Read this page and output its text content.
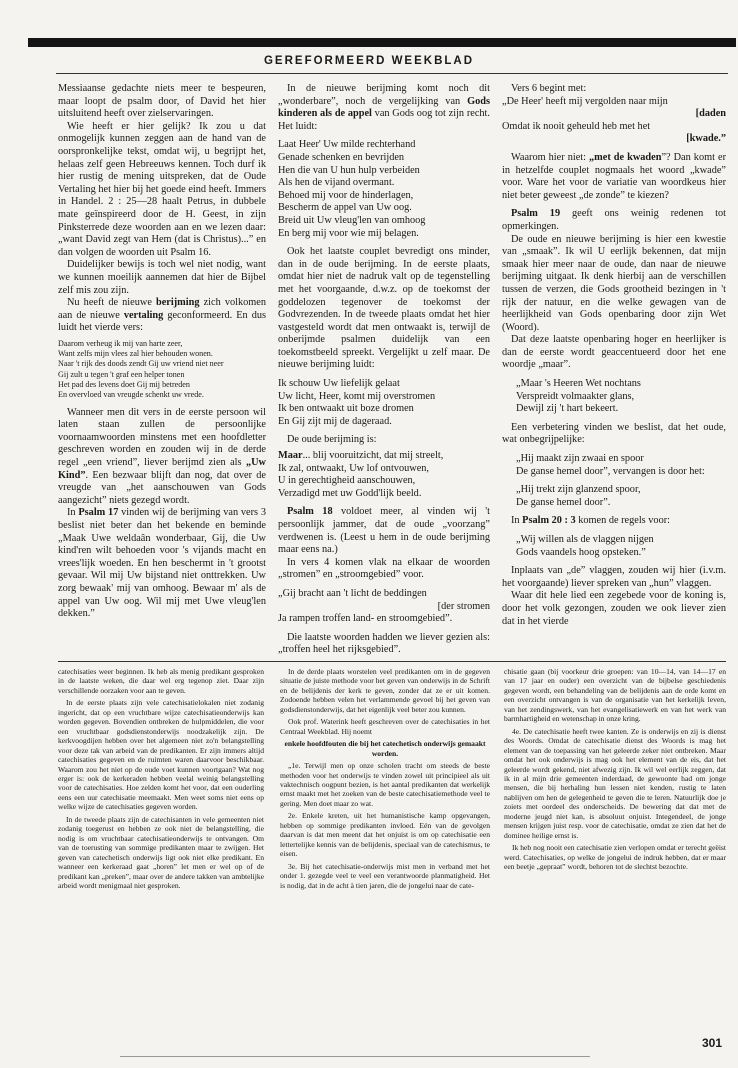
GEREFORMEERD WEEKBLAD

Messiaanse gedachte niets meer te bespeuren, maar loopt de psalm door, of David het hier uitsluitend heeft over zielservaringen.

Wie heeft er hier gelijk? Ik zou u dat onmogelijk kunnen zeggen aan de hand van de oorspronkelijke tekst, omdat wij, u begrijpt het, helaas zelf geen Hebreeuws kennen. Toch durf ik hier rustig de mening uitspreken, dat de Oude Vertaling het hier bij het goede eind heeft. Immers in Handel. 2 : 25—28 haalt Petrus, in dubbele mate geïnspireerd door de H. Geest, in zijn Pinksterrede deze woorden aan en we lezen daar: „want David zegt van Hem (dat is Christus)...” en dan volgen de woorden uit Psalm 16.

Duidelijker bewijs is toch wel niet nodig, want we kunnen moeilijk aannemen dat hier de Bijbel zelf mis zou zijn.

Nu heeft de nieuwe berijming zich volkomen aan de nieuwe vertaling geconformeerd. En dus luidt het vierde vers:

Daarom verheug ik mij van harte zeer,
Want zelfs mijn vlees zal hier behouden wonen.
Naar 't rijk des doods zendt Gij uw vriend niet neer
Gij zult u tegen 't graf een helper tonen
Het pad des levens doet Gij mij betreden
En overvloed van vreugde schenkt uw vrede.

Wanneer men dit vers in de eerste persoon wil laten staan zullen de persoonlijke voornaamwoorden minstens met een hoofdletter geschreven worden en zouden wij in de derde regel „een vriend”, liever berijmd zien als „Uw Kind”. Een bezwaar blijft dan nog, dat over de vreugde van „het aanschouwen van Gods aangezicht” niets gezegd wordt.

In Psalm 17 vinden wij de berijming van vers 3 beslist niet beter dan het bekende en beminde „Maak Uwe weldaân wonderbaar, Gij, die Uw kind'ren wilt behoeden voor 's vijands macht en vrees'lijk woeden. En hen beschermt in 't grootst gevaar. Wil mij Uw bijstand niet onttrekken. Uw zorg bewaak' mij van omhoog. Bewaar m' als de appel van Uw oog. Wil mij met Uwe vleug'len dekken.”

In de nieuwe berijming komt noch dit „wonderbare”, noch de vergelijking van Gods kinderen als de appel van Gods oog tot zijn recht. Het luidt:

Laat Heer' Uw milde rechterhand
Genade schenken en bevrijden
Hen die van U hun hulp verbeiden
Als hen de vijand overmant.
Behoed mij voor de hinderlagen,
Bescherm de appel van Uw oog.
Breid uit Uw vleug'len van omhoog
En berg mij voor wie mij belagen.

Ook het laatste couplet bevredigt ons minder, dan in de oude berijming. In de eerste plaats, omdat hier niet de nadruk valt op de tegenstelling met het voorgaande, d.w.z. op de toekomst der goddelozen tegenover de toekomst der Godvrezenden. In de tweede plaats omdat het hier vastgesteld wordt dat men ontwaakt is, terwijl de onberijmde psalmen duidelijk van een toekomstbeeld spreekt. Vergelijkt u zelf maar. De nieuwe berijming luidt:

Ik schouw Uw liefelijk gelaat
Uw licht, Heer, komt mij overstromen
Ik ben ontwaakt uit boze dromen
En Gij zijt mij de dageraad.

De oude berijming is:

Maar... blij vooruitzicht, dat mij streelt,
Ik zal, ontwaakt, Uw lof ontvouwen,
U in gerechtigheid aanschouwen,
Verzadigd met uw Godd'lijk beeld.

Psalm 18 voldoet meer, al vinden wij 't persoonlijk jammer, dat de oude „voorzang” verdwenen is. (Leest u hem in de oude berijming maar eens na.)

In vers 4 komen vlak na elkaar de woorden „stromen” en „stroomgebied” voor.

„Gij bracht aan 't licht de beddingen
[der stromen
Ja rampen troffen land- en stroomgebied”.

Die laatste woorden hadden we liever gezien als: „troffen heel het rijksgebied”.

Vers 6 begint met:

„De Heer' heeft mij vergolden naar mijn
[daden
Omdat ik nooit geheuld heb met het
[kwade.”

Waarom hier niet: „met de kwaden”? Dan komt er in hetzelfde couplet nogmaals het woord „kwade” voor. Ware het voor de variatie van woordkeus hier niet beter geweest „de zonde” te kiezen?

Psalm 19 geeft ons weinig redenen tot opmerkingen.

De oude en nieuwe berijming is hier een kwestie van „smaak”. Ik wil U eerlijk bekennen, dat mijn smaak hier meer naar de oude, dan naar de nieuwe berijming uitgaat. Ik denk hierbij aan de verschillen tussen de verzen, die Gods grootheid bezingen in 't rijk der natuur, en die welke gewagen van de heerlijkheid van Gods openbaring door zijn Wet (Woord).

Dat deze laatste openbaring hoger en heerlijker is dan de eerste wordt geaccentueerd door het ene woordje „maar”.

„Maar 's Heeren Wet nochtans
Verspreidt volmaakter glans,
Dewijl zij 't hart bekeert.

Een verbetering vinden we beslist, dat het oude, wat onbegrijpelijke:

„Hij maakt zijn zwaai en spoor
De ganse hemel door”, vervangen is door het:
„Hij trekt zijn glanzend spoor,
De ganse hemel door”.

In Psalm 20 : 3 komen de regels voor:

„Wij willen als de vlaggen nijgen
Gods vaandels hoog opsteken.”

Inplaats van „de” vlaggen, zouden wij hier (i.v.m. het voorgaande) liever spreken van „hun” vlaggen.

Waar dit hele lied een zegebede voor de koning is, door het volk gezongen, zouden we ook liever zien dat in het vierde

catechisaties weer beginnen. Ik heb als menig predikant gesproken in de laatste weken, die daar wel erg tegenop ziet. Daar zijn verschillende oorzaken voor aan te geven.

In de eerste plaats zijn vele catechisatielokalen niet zodanig ingericht, dat op een vruchtbare wijze catechisatieonderwijs kan worden gegeven. Bovendien ontbreken de hulpmiddelen, die voor een vruchtbaar godsdienstonderwijs noodzakelijk zijn. De kerkvoogdijen hebben over het algemeen niet zo'n belangstelling voor deze tak van arbeid van de predikanten. Er zijn immers altijd catechisaties gegeven en de ruimten waren daarvoor beschikbaar. Waarom zou het niet op de oude voet kunnen voortgaan? Wat nog erger is: ook de kerkeraden hebben veelal weinig belangstelling voor de catechisaties. Hoe zelden komt het voor, dat een ouderling eens een uur catechisatie meemaakt. Men weet soms niet eens op welke wijze de catechisaties gegeven worden.

In de tweede plaats zijn de catechisanten in vele gemeenten niet zodanig toegerust en hebben ze ook niet de belangstelling, die nodig is om vruchtbaar catechisatieonderwijs te ontvangen. Om van de toerusting van sommige predikanten maar te zwijgen. Het geven van catechetisch onderwijs ligt ook niet elke predikant. En wanneer een kerkeraad gaat „horen” let men er wel op of de predikant kan „preken”, maar over de andere takken van ambtelijke arbeid wordt menigmaal niet gesproken.

In de derde plaats worstelen veel predikanten om in de gegeven situatie de juiste methode voor het geven van onderwijs in de Schrift en de belijdenis der kerk te geven, zonder dat ze er uit komen. Zodoende hebben velen het verlammende gevoel bij het geven van godsdienstonderwijs, dat het eigenlijk veel beter zou kunnen.

Ook prof. Waterink heeft geschreven over de catechisaties in het Centraal Weekblad. Hij noemt

enkele hoofdfouten die bij het catechetisch onderwijs gemaakt worden.

„1e. Terwijl men op onze scholen tracht om steeds de beste methoden voor het onderwijs te vinden zowel uit principieel als uit vaktechnisch oogpunt bezien, is het aantal predikanten dat werkelijk ernst maakt met het zoeken van de beste catechisatiemethode veel te gering. Men doet maar zo wat.

2e. Enkele kreten, uit het humanistische kamp opgevangen, hebben op sommige predikanten invloed. Eén van de gevolgen daarvan is dat men meent dat het onjuist is om op catechisatie een lettertelijke kennis van de belijdenis, speciaal van de catechismus, te eisen.

3e. Bij het catechisatie-onderwijs mist men in verband met het onder 1. gezegde veel te veel een verantwoorde planmatigheid. Het is nodig, dat in de acht à tien jaren, die de jongelui naar de cate-

chisatie gaan (bij voorkeur drie groepen: van 10—14, van 14—17 en van 17 jaar en ouder) een overzicht van de bijbelse geschiedenis gegeven wordt, een behandeling van de belijdenis aan de orde komt en een overzicht ontvangen is van de organisatie van het kerkelijk leven, van het zendingswerk, van het evangelisatiewerk en van het werk van barmhartigheid en wetenschap in onze kring.

4e. De catechisatie heeft twee kanten. Ze is onderwijs en zij is dienst des Woords. Omdat de catechisatie dienst des Woords is mag het element van de toepassing van het geleerde zeker niet ontbreken. Maar omdat het ook onderwijs is mag ook het element van de eis, dat het geleerde wordt gekend, niet afwezig zijn. Ik wil wel eerlijk zeggen, dat ik in al mijn drie gemeenten inderdaad, de gewoonte had om jonge mensen, die bij herhaling hun lessen niet kenden, rustig te laten nablijven om hen de gelegenheid te geven die te leren. Natuurlijk doe je zoiets met oordeel des onderscheids. De bewering dat dat met de moderne jeugd niet kan, is absoluut onjuist. Integendeel, de jonge mensen krijgen juist resp. voor de catechisatie, omdat ze zien dat het de dominee heilige ernst is.

Ik heb nog nooit een catechisatie zien verlopen omdat er terecht geëist werd. Catechisaties, op welke de jongelui de indruk hebben, dat er maar een beetje „gepraat” wordt, behoren tot de slechtst bezochte.

301
